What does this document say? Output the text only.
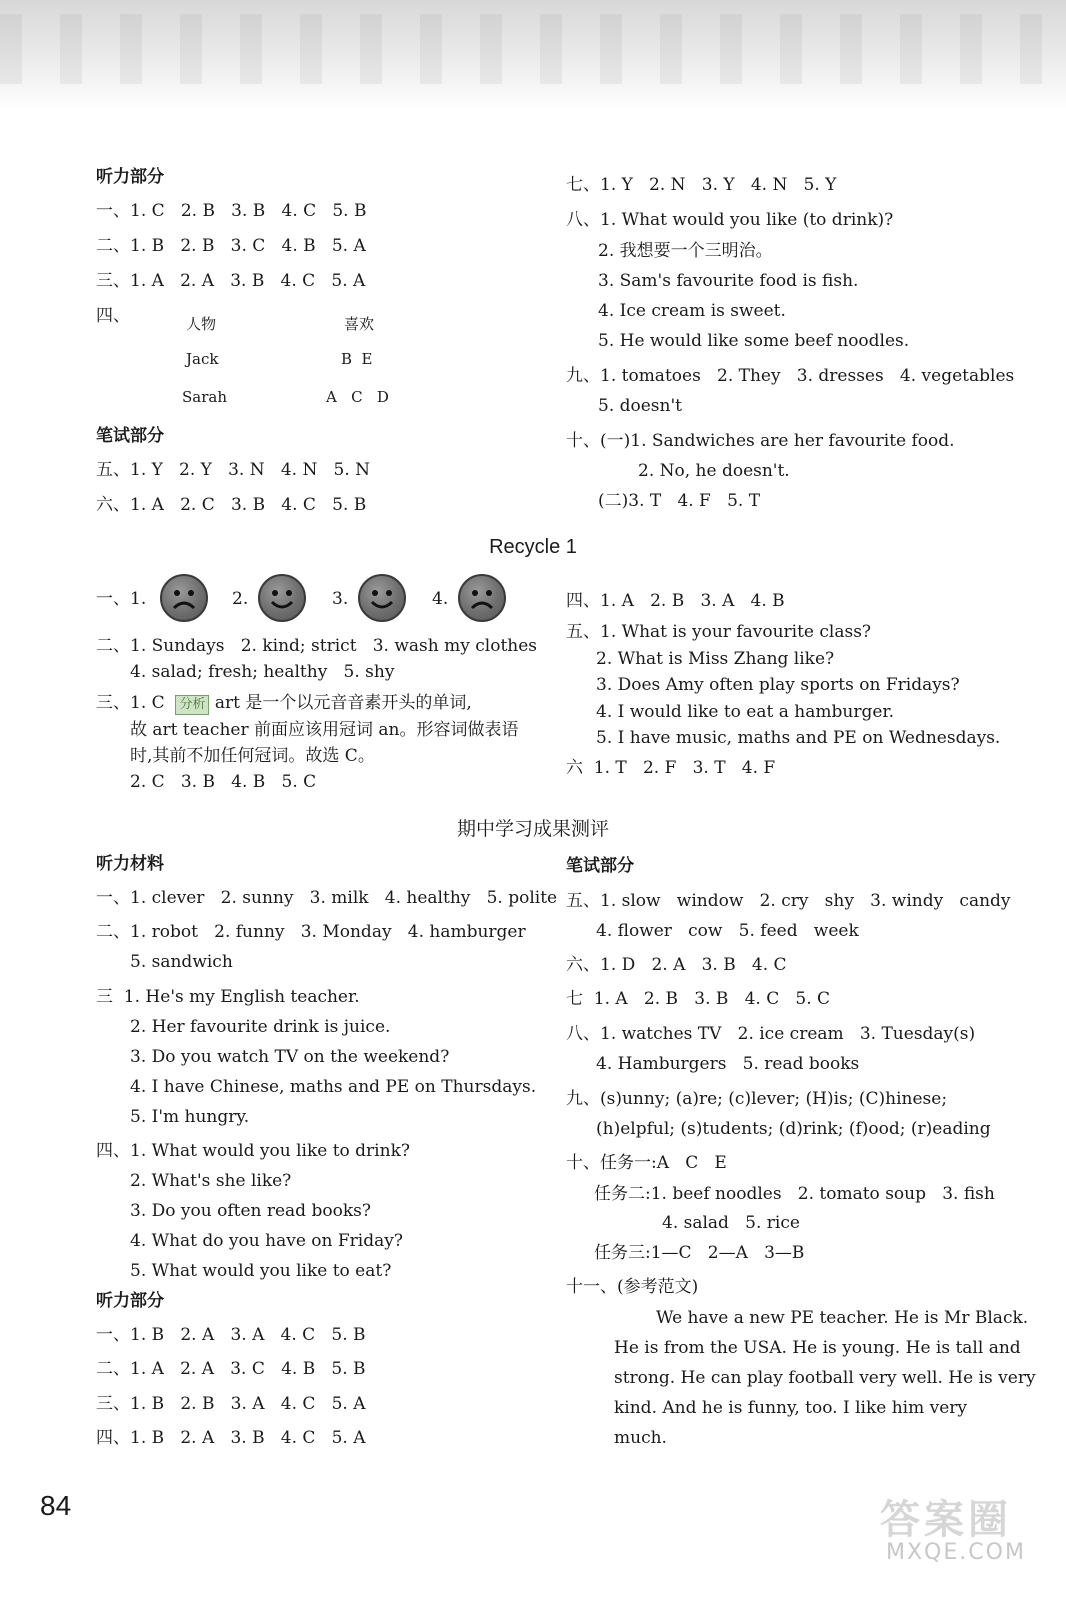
听力部分
一、1. C   2. B   3. B   4. C   5. B
二、1. B   2. B   3. C   4. B   5. A
三、1. A   2. A   3. B   4. C   5. A
四、	人物	喜欢
Jack	B  E
Sarah	A   C   D
笔试部分
五、1. Y   2. Y   3. N   4. N   5. N
六、1. A   2. C   3. B   4. C   5. B
七、1. Y   2. N   3. Y   4. N   5. Y
八、1. What would you like (to drink)?
2. 我想要一个三明治。
3. Sam's favourite food is fish.
4. Ice cream is sweet.
5. He would like some beef noodles.
九、1. tomatoes   2. They   3. dresses   4. vegetables
5. doesn't
十、(一)1. Sandwiches are her favourite food.
2. No, he doesn't.
(二)3. T   4. F   5. T
Recycle 1
一、1.	2.	3.	4.
二、1. Sundays   2. kind; strict   3. wash my clothes
4. salad; fresh; healthy   5. shy
三、1. C 分析 art 是一个以元音音素开头的单词,
故 art teacher 前面应该用冠词 an。形容词做表语
时,其前不加任何冠词。故选 C。
2. C   3. B   4. B   5. C
四、1. A   2. B   3. A   4. B
五、1. What is your favourite class?
2. What is Miss Zhang like?
3. Does Amy often play sports on Fridays?
4. I would like to eat a hamburger.
5. I have music, maths and PE on Wednesdays.
六  1. T   2. F   3. T   4. F
期中学习成果测评
听力材料
一、1. clever   2. sunny   3. milk   4. healthy   5. polite
二、1. robot   2. funny   3. Monday   4. hamburger
5. sandwich
三  1. He's my English teacher.
2. Her favourite drink is juice.
3. Do you watch TV on the weekend?
4. I have Chinese, maths and PE on Thursdays.
5. I'm hungry.
四、1. What would you like to drink?
2. What's she like?
3. Do you often read books?
4. What do you have on Friday?
5. What would you like to eat?
听力部分
一、1. B   2. A   3. A   4. C   5. B
二、1. A   2. A   3. C   4. B   5. B
三、1. B   2. B   3. A   4. C   5. A
四、1. B   2. A   3. B   4. C   5. A
笔试部分
五、1. slow   window   2. cry   shy   3. windy   candy
4. flower   cow   5. feed   week
六、1. D   2. A   3. B   4. C
七  1. A   2. B   3. B   4. C   5. C
八、1. watches TV   2. ice cream   3. Tuesday(s)
4. Hamburgers   5. read books
九、(s)unny; (a)re; (c)lever; (H)is; (C)hinese;
(h)elpful; (s)tudents; (d)rink; (f)ood; (r)eading
十、任务一:A   C   E
任务二:1. beef noodles   2. tomato soup   3. fish
4. salad   5. rice
任务三:1—C   2—A   3—B
十一、(参考范文)
We have a new PE teacher. He is Mr Black.
He is from the USA. He is young. He is tall and
strong. He can play football very well. He is very
kind. And he is funny, too. I like him very
much.
84	答案圈
MXQE.COM
